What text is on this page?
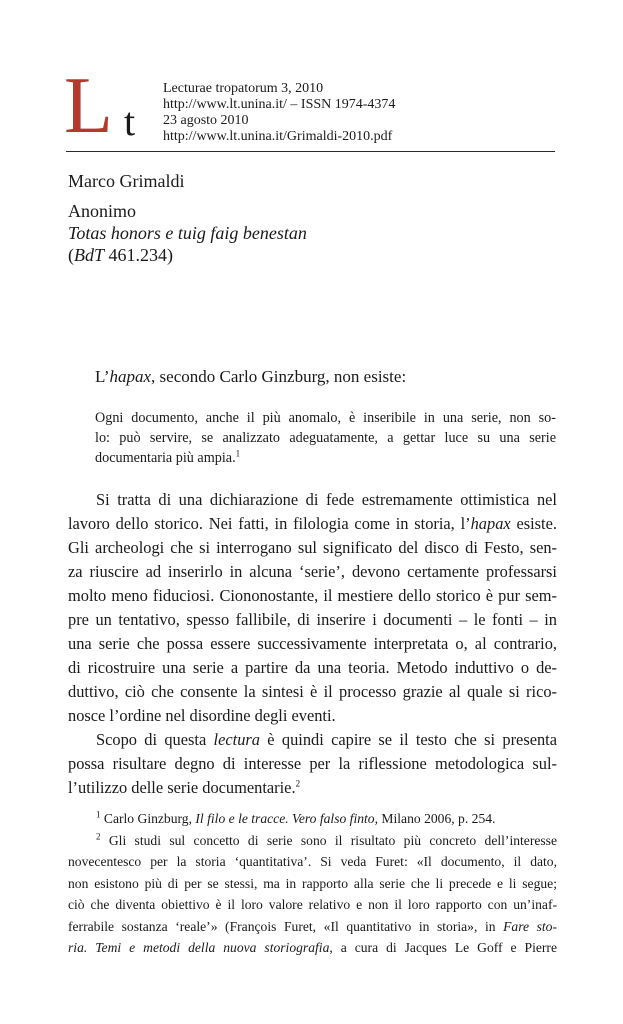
L t
Lecturae tropatorum 3, 2010
http://www.lt.unina.it/ – ISSN 1974-4374
23 agosto 2010
http://www.lt.unina.it/Grimaldi-2010.pdf
Marco Grimaldi
Anonimo
Totas honors e tuig faig benestan
(BdT 461.234)
L’hapax, secondo Carlo Ginzburg, non esiste:
Ogni documento, anche il più anomalo, è inseribile in una serie, non so-
lo: può servire, se analizzato adeguatamente, a gettar luce su una serie
documentaria più ampia.$^1$
Si tratta di una dichiarazione di fede estremamente ottimistica nel
lavoro dello storico. Nei fatti, in filologia come in storia, l’hapax esiste.
Gli archeologi che si interrogano sul significato del disco di Festo, sen-
za riuscire ad inserirlo in alcuna ‘serie’, devono certamente professarsi
molto meno fiduciosi. Ciononostante, il mestiere dello storico è pur sem-
pre un tentativo, spesso fallibile, di inserire i documenti – le fonti – in
una serie che possa essere successivamente interpretata o, al contrario,
di ricostruire una serie a partire da una teoria. Metodo induttivo o de-
duttivo, ciò che consente la sintesi è il processo grazie al quale si rico-
nosce l’ordine nel disordine degli eventi.
Scopo di questa lectura è quindi capire se il testo che si presenta
possa risultare degno di interesse per la riflessione metodologica sul-
l’utilizzo delle serie documentarie.$^2$
$^1$ Carlo Ginzburg, Il filo e le tracce. Vero falso finto, Milano 2006, p. 254.
$^2$ Gli studi sul concetto di serie sono il risultato più concreto dell’interesse
novecentesco per la storia ‘quantitativa’. Si veda Furet: «Il documento, il dato,
non esistono più di per se stessi, ma in rapporto alla serie che li precede e li segue;
ciò che diventa obiettivo è il loro valore relativo e non il loro rapporto con un’inaf-
ferrabile sostanza ‘reale’» (François Furet, «Il quantitativo in storia», in Fare sto-
ria. Temi e metodi della nuova storiografia, a cura di Jacques Le Goff e Pierre
